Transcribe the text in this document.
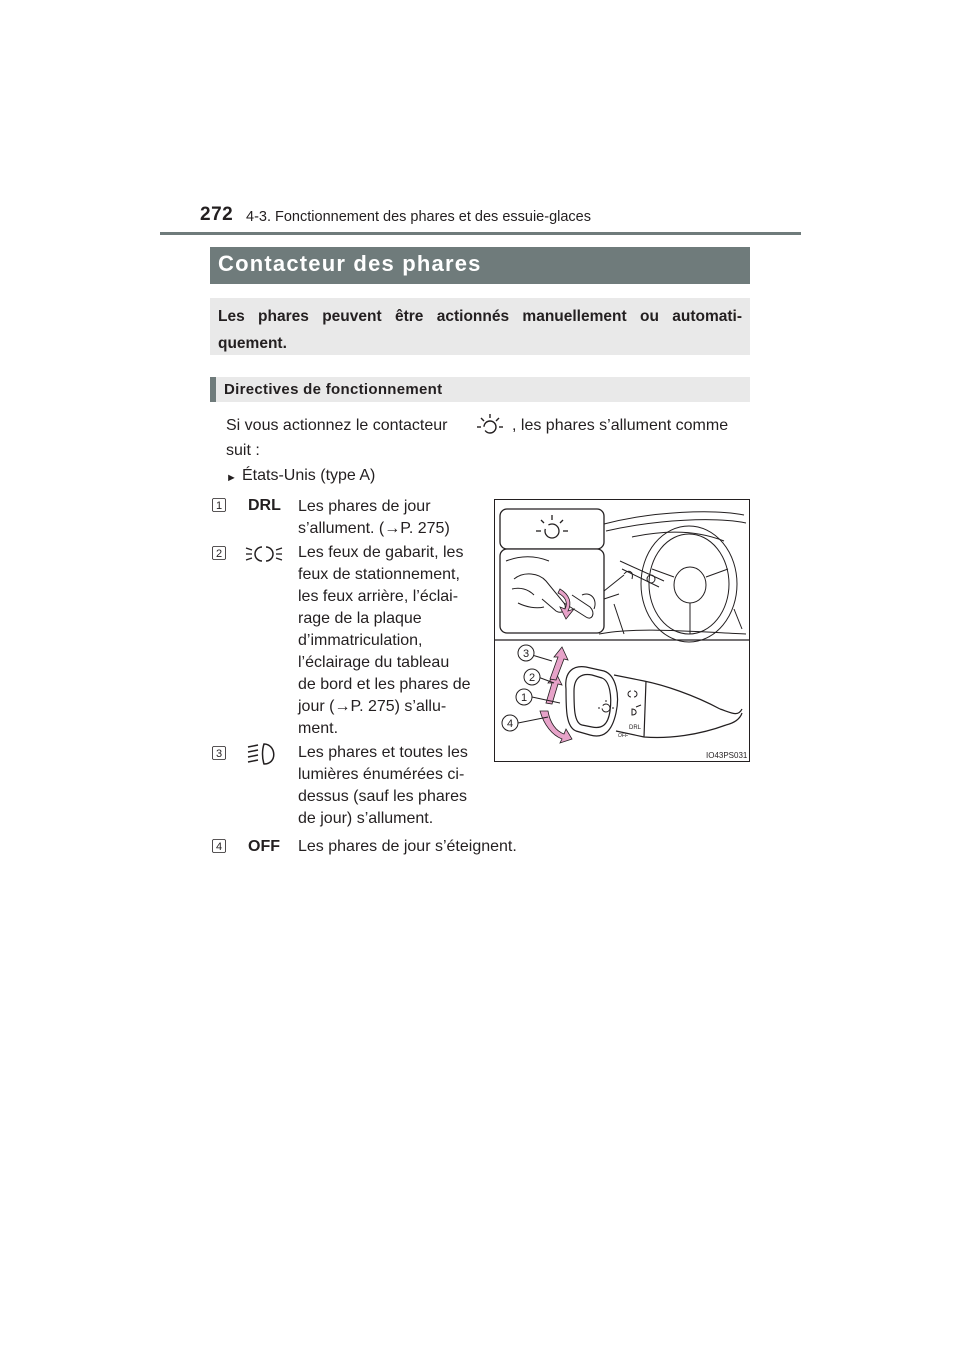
272 4-3. Fonctionnement des phares et des essuie-glaces
Contacteur des phares
Les phares peuvent être actionnés manuellement ou automati-quement.
Directives de fonctionnement
Si vous actionnez le contacteur	, les phares s’allument comme
suit :
► États-Unis (type A)
1 DRL Les phares de jour
s’allument. (→P. 275)
2	Les feux de gabarit, les
feux de stationnement,
les feux arrière, l’éclai-
rage de la plaque
d’immatriculation,
l’éclairage du tableau
de bord et les phares de
jour (→P. 275) s’allu-
ment.
3	Les phares et toutes les
lumières énumérées ci-
dessus (sauf les phares
de jour) s’allument.
4 OFF Les phares de jour s’éteignent.
DRL
OFF
3
2
1
4
IO43PS031
